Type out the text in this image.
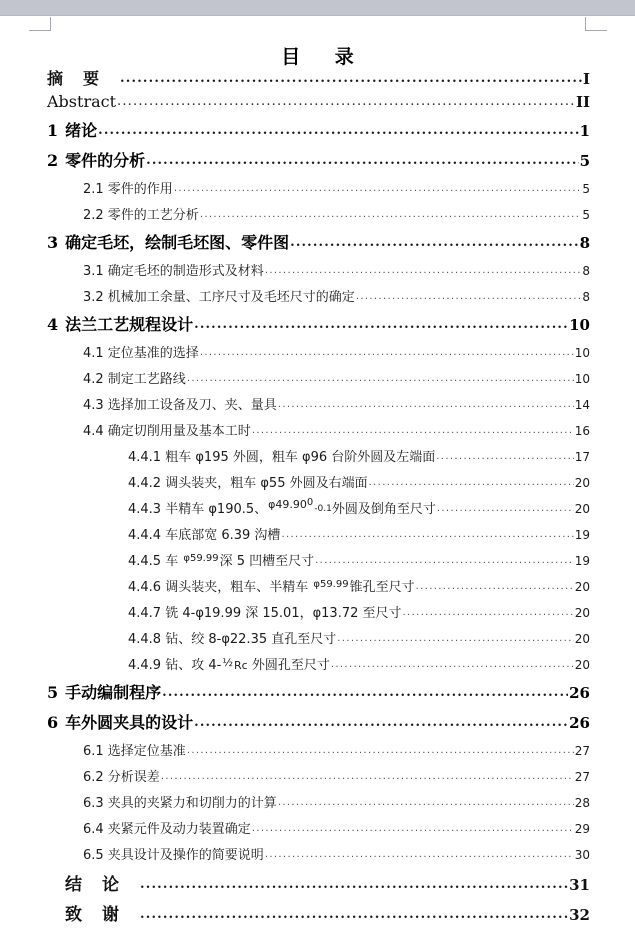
目 录
摘要 .....	I
Abstract .....	II
1 绪论 .....	1
2 零件的分析 .....	5
2.1 零件的作用 .....	5
2.2 零件的工艺分析 .....	5
3 确定毛坯，绘制毛坯图、零件图 .....	8
3.1 确定毛坯的制造形式及材料 .....	8
3.2 机械加工余量、工序尺寸及毛坯尺寸的确定 .....	8
4 法兰工艺规程设计 .....	10
4.1 定位基准的选择 .....	10
4.2 制定工艺路线 .....	10
4.3 选择加工设备及刀、夹、量具 .....	14
4.4 确定切削用量及基本工时 .....	16
4.4.1 粗车 φ195 外圆，粗车 φ96 台阶外圆及左端面 .....	17
4.4.2 调头装夹，粗车 φ55 外圆及右端面 .....	20
4.4.3 半精车 φ190.5、$\varphi 49.900_{-0.1}$外圆及倒角至尺寸 .....	20
4.4.4 车底部宽 6.39 沟槽 .....	19
4.4.5 车 $^{\varphi 59.99}$深 5 凹槽至尺寸 .....	19
4.4.6 调头装夹，粗车、半精车 $^{\varphi 59.99}$锥孔至尺寸 .....	20
4.4.7 铣 4-φ19.99 深 15.01，φ13.72 至尺寸 .....	20
4.4.8 钻、绞 8-φ22.35 直孔至尺寸 .....	20
4.4.9 钻、攻 4-½Rc 外圆孔至尺寸 .....	20
5 手动编制程序 .....	26
6 车外圆夹具的设计 .....	26
6.1 选择定位基准 .....	27
6.2 分析误差 .....	27
6.3 夹具的夹紧力和切削力的计算 .....	28
6.4 夹紧元件及动力装置确定 .....	29
6.5 夹具设计及操作的简要说明 .....	30
结论 .....	31
致谢 .....	32
